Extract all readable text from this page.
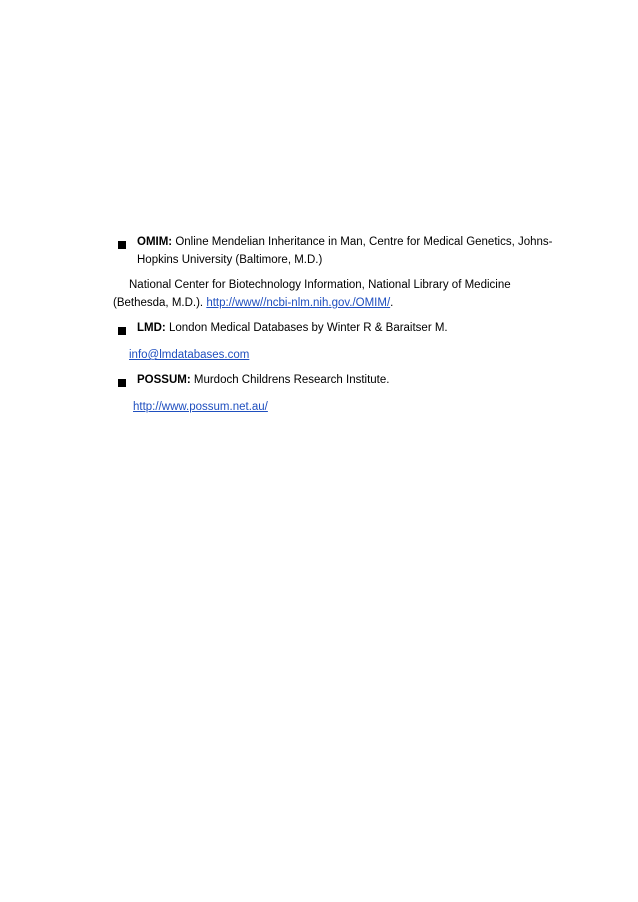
OMIM: Online Mendelian Inheritance in Man, Centre for Medical Genetics, Johns-
Hopkins University (Baltimore, M.D.)
National Center for Biotechnology Information, National Library of Medicine
(Bethesda, M.D.). http://www//ncbi-nlm.nih.gov./OMIM/.
LMD: London Medical Databases by Winter R & Baraitser M.
info@lmdatabases.com
POSSUM: Murdoch Childrens Research Institute.
http://www.possum.net.au/
